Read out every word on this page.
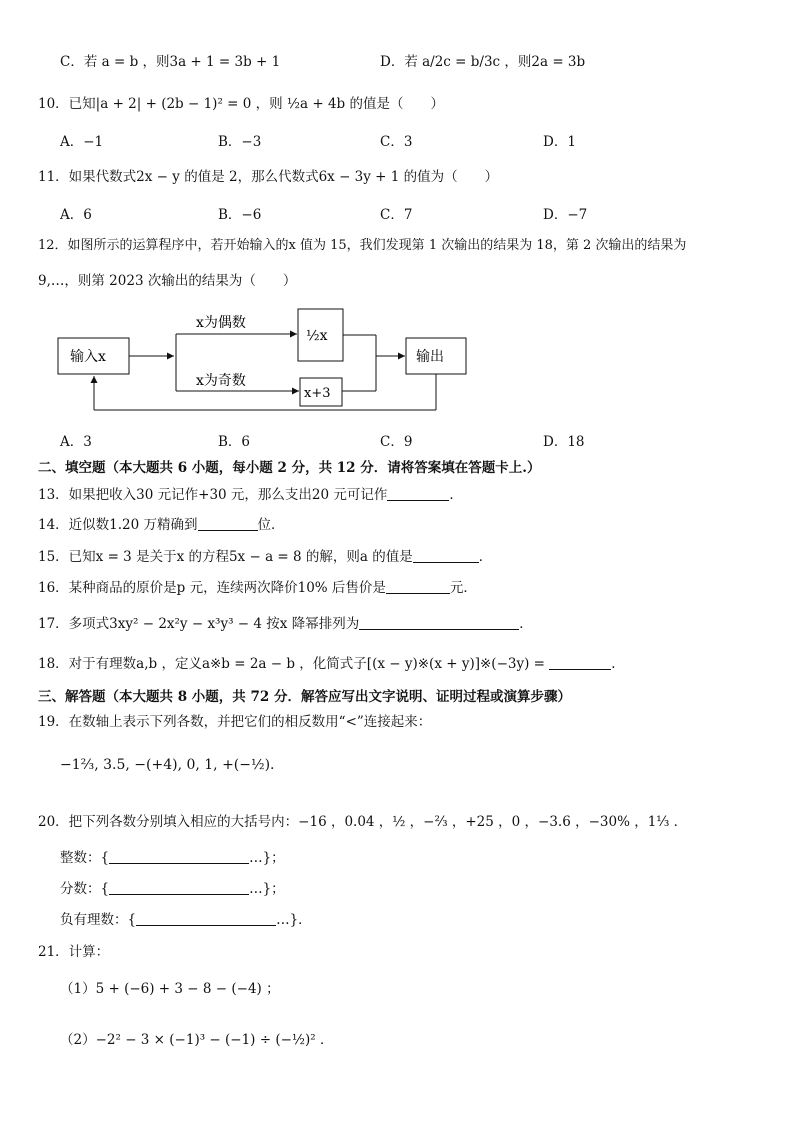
C．若 a = b ，则3a + 1 = 3b + 1	D．若 a/2c = b/3c ，则2a = 3b
10．已知|a + 2| + (2b − 1)² = 0 ，则 ½a + 4b 的值是（　　）
A．−1	B．−3	C．3	D．1
11．如果代数式2x − y 的值是 2，那么代数式6x − 3y + 1 的值为（　　）
A．6	B．−6	C．7	D．−7
12．如图所示的运算程序中，若开始输入的x 值为 15，我们发现第 1 次输出的结果为 18，第 2 次输出的结果为
9,…，则第 2023 次输出的结果为（　　）
输入x
x为偶数
x为奇数
½x
x+3
输出
A．3	B．6	C．9	D．18
二、填空题（本大题共 6 小题，每小题 2 分，共 12 分．请将答案填在答题卡上.）
13．如果把收入30 元记作+30 元，那么支出20 元可记作	．
14．近似数1.20 万精确到	位．
15．已知x = 3 是关于x 的方程5x − a = 8 的解，则a 的值是	．
16．某种商品的原价是p 元，连续两次降价10% 后售价是	元．
17．多项式3xy² − 2x²y − x³y³ − 4 按x 降幂排列为	．
18．对于有理数a,b ，定义a※b = 2a − b ，化简式子[(x − y)※(x + y)]※(−3y) =	．
三、解答题（本大题共 8 小题，共 72 分．解答应写出文字说明、证明过程或演算步骤）
19．在数轴上表示下列各数，并把它们的相反数用“<”连接起来：
−1⅔, 3.5, −(+4), 0, 1, +(−½).
20．把下列各数分别填入相应的大括号内：−16 ，0.04 ，½ ，−⅔ ，+25 ，0 ，−3.6 ，−30% ，1⅓ ．
整数：{	…}；
分数：{	…}；
负有理数：{	…}．
21．计算：
（1）5 + (−6) + 3 − 8 − (−4) ；
（2）−2² − 3 × (−1)³ − (−1) ÷ (−½)² ．
